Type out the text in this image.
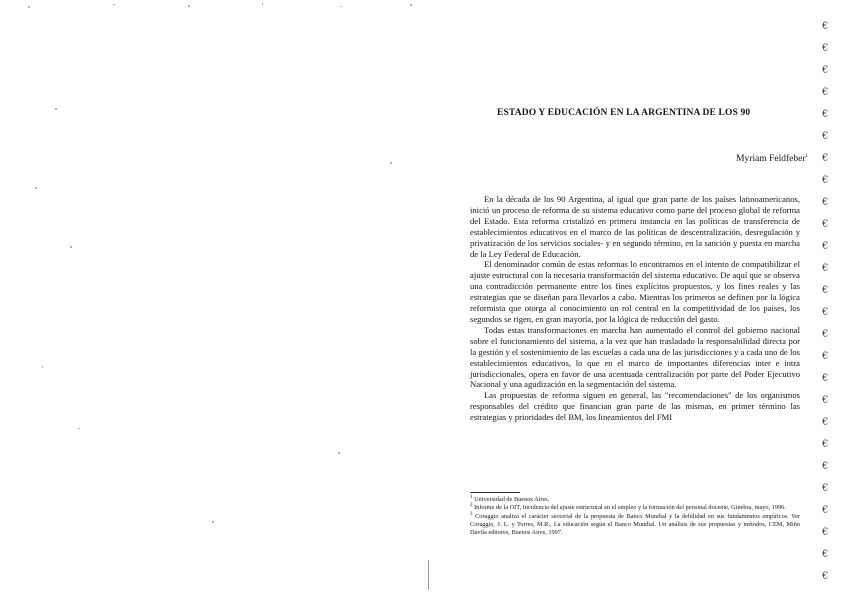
ESTADO Y EDUCACIÓN EN LA ARGENTINA DE LOS 90
Myriam Feldfeber$^1$

En la década de los 90 Argentina, al igual que gran parte de los países latinoamericanos, inició un proceso de reforma de su sistema educativo como parte del proceso global de reforma del Estado. Esta reforma cristalizó en primera instancia en las políticas de transferencia de establecimientos educativos en el marco de las políticas de descentralización, desregulación y privatización de los servicios sociales- y en segundo término, en la sanción y puesta en marcha de la Ley Federal de Educación.

El denominador común de estas reformas lo encontramos en el intento de compatibilizar el ajuste estructural con la necesaria transformación del sistema educativo. De aquí que se observa una contradicción permanente entre los fines explícitos propuestos, y los fines reales y las estrategias que se diseñan para llevarlos a cabo. Mientras los primeros se definen por la lógica reformista que otorga al conocimiento un rol central en la competitividad de los países, los segundos se rigen, en gran mayoría, por la lógica de reducción del gasto.

Todas estas transformaciones en marcha han aumentado el control del gobierno nacional sobre el funcionamiento del sistema, a la vez que han trasladado la responsabilidad directa por la gestión y el sostenimiento de las escuelas a cada una de las jurisdicciones y a cada uno de los establecimientos educativos, lo que en el marco de importantes diferencias inter e intra jurisdiccionales, opera en favor de una acentuada centralización por parte del Poder Ejecutivo Nacional y una agudización en la segmentación del sistema.

Las propuestas de reforma siguen en general, las "recomendaciones" de los organismos responsables del crédito que financian gran parte de las mismas, en primer término las estrategias y prioridades del BM, los lineamientos del FMI

$^1$ Universidad de Buenos Aires.

$^2$ Informe de la OIT, Incidencia del ajuste estructural en el empleo y la formación del personal docente, Ginebra, mayo, 1996.

$^3$ Coraggio analiza el carácter sectorial de la propuesta de Banco Mundial y la debilidad en sus fundamentos empíricos. Ver Coraggio, J. L. y Torres, M.R., La educación según el Banco Mundial. Un análisis de sus propuestas y métodos, CEM, Miño Dávila editores, Buenos Aires, 1997.

€
€
€
€
€
€
€
€
€
€
€
€
€
€
€
€
€
€
€
€
€
€
€
€
€
€
